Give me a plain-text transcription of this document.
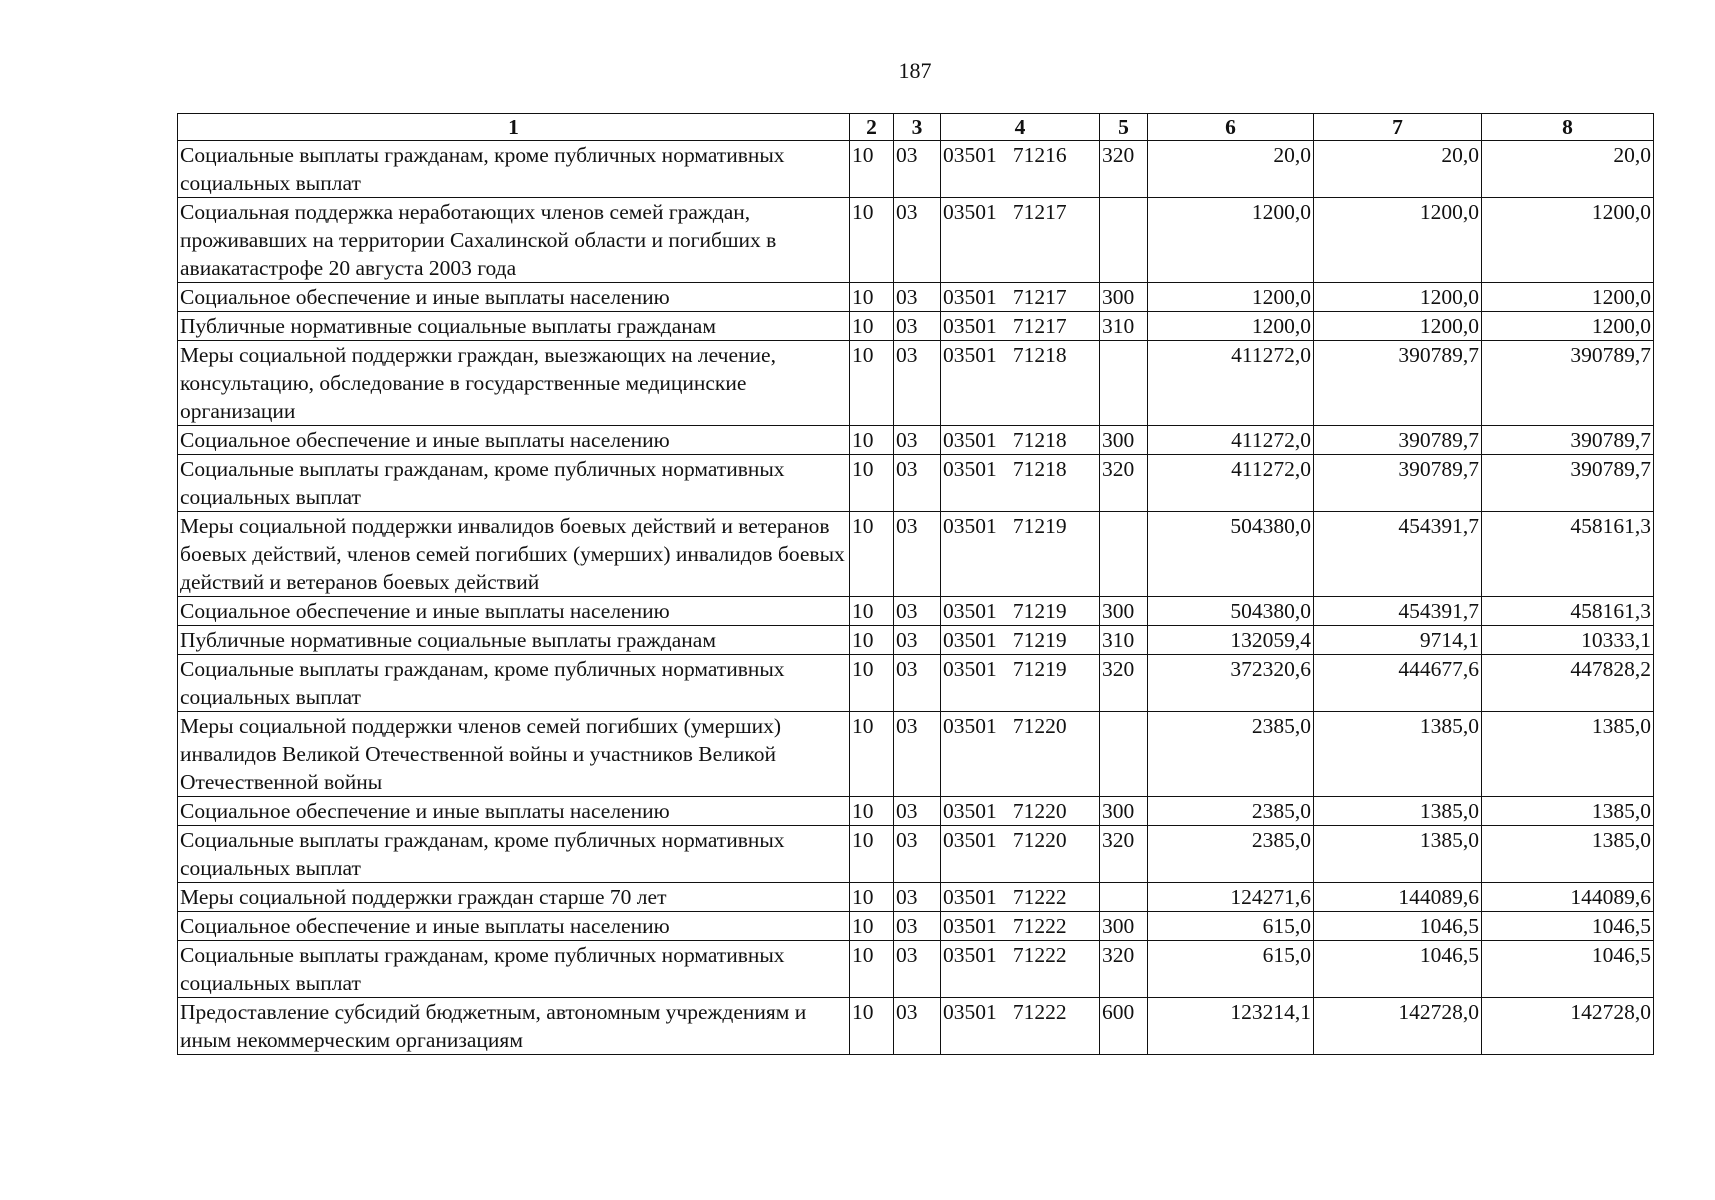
187
1	2	3	4	5	6	7	8
Социальные выплаты гражданам, кроме публичных нормативных социальных выплат	10	03	03501   71216	320	20,0	20,0	20,0
Социальная поддержка неработающих членов семей граждан, проживавших на территории Сахалинской области и погибших в авиакатастрофе 20 августа 2003 года	10	03	03501   71217		1200,0	1200,0	1200,0
Социальное обеспечение и иные выплаты населению	10	03	03501   71217	300	1200,0	1200,0	1200,0
Публичные нормативные социальные выплаты гражданам	10	03	03501   71217	310	1200,0	1200,0	1200,0
Меры социальной поддержки граждан, выезжающих на лечение, консультацию, обследование в государственные медицинские организации	10	03	03501   71218		411272,0	390789,7	390789,7
Социальное обеспечение и иные выплаты населению	10	03	03501   71218	300	411272,0	390789,7	390789,7
Социальные выплаты гражданам, кроме публичных нормативных социальных выплат	10	03	03501   71218	320	411272,0	390789,7	390789,7
Меры социальной поддержки инвалидов боевых действий и ветеранов боевых действий, членов семей погибших (умерших) инвалидов боевых действий и ветеранов боевых действий	10	03	03501   71219		504380,0	454391,7	458161,3
Социальное обеспечение и иные выплаты населению	10	03	03501   71219	300	504380,0	454391,7	458161,3
Публичные нормативные социальные выплаты гражданам	10	03	03501   71219	310	132059,4	9714,1	10333,1
Социальные выплаты гражданам, кроме публичных нормативных социальных выплат	10	03	03501   71219	320	372320,6	444677,6	447828,2
Меры социальной поддержки членов семей погибших (умерших) инвалидов Великой Отечественной войны и участников Великой Отечественной войны	10	03	03501   71220		2385,0	1385,0	1385,0
Социальное обеспечение и иные выплаты населению	10	03	03501   71220	300	2385,0	1385,0	1385,0
Социальные выплаты гражданам, кроме публичных нормативных социальных выплат	10	03	03501   71220	320	2385,0	1385,0	1385,0
Меры социальной поддержки граждан старше 70 лет	10	03	03501   71222		124271,6	144089,6	144089,6
Социальное обеспечение и иные выплаты населению	10	03	03501   71222	300	615,0	1046,5	1046,5
Социальные выплаты гражданам, кроме публичных нормативных социальных выплат	10	03	03501   71222	320	615,0	1046,5	1046,5
Предоставление субсидий бюджетным, автономным учреждениям и иным некоммерческим организациям	10	03	03501   71222	600	123214,1	142728,0	142728,0
